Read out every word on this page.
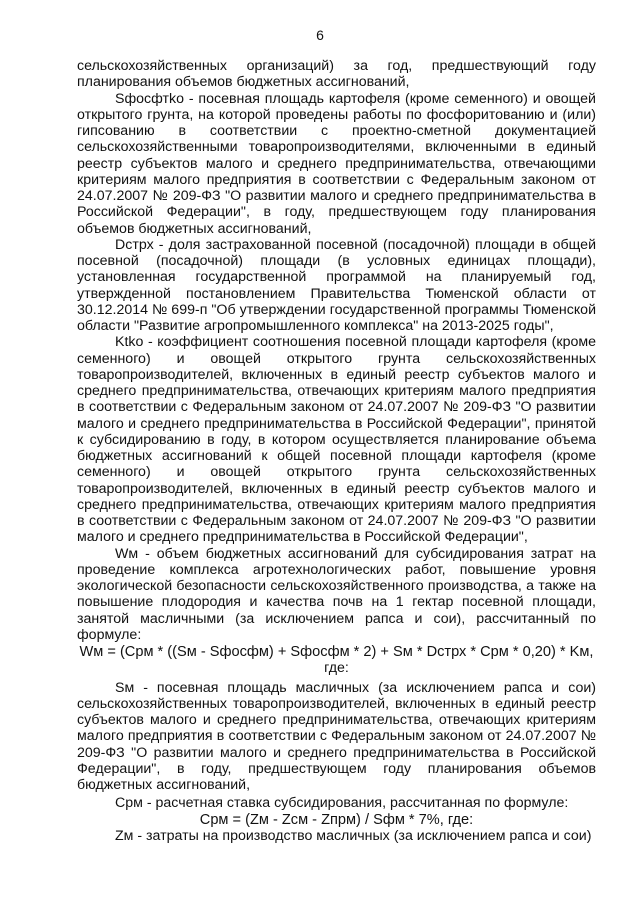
6

сельскохозяйственных организаций) за год, предшествующий году планирования объемов бюджетных ассигнований,

Sфосфтko - посевная площадь картофеля (кроме семенного) и овощей открытого грунта, на которой проведены работы по фосфоритованию и (или) гипсованию в соответствии с проектно-сметной документацией сельскохозяйственными товаропроизводителями, включенными в единый реестр субъектов малого и среднего предпринимательства, отвечающими критериям малого предприятия в соответствии с Федеральным законом от 24.07.2007 № 209-ФЗ "О развитии малого и среднего предпринимательства в Российской Федерации", в году, предшествующем году планирования объемов бюджетных ассигнований,

Dстрх - доля застрахованной посевной (посадочной) площади в общей посевной (посадочной) площади (в условных единицах площади), установленная государственной программой на планируемый год, утвержденной постановлением Правительства Тюменской области от 30.12.2014 № 699-п "Об утверждении государственной программы Тюменской области "Развитие агропромышленного комплекса" на 2013-2025 годы",

Ktko - коэффициент соотношения посевной площади картофеля (кроме семенного) и овощей открытого грунта сельскохозяйственных товаропроизводителей, включенных в единый реестр субъектов малого и среднего предпринимательства, отвечающих критериям малого предприятия в соответствии с Федеральным законом от 24.07.2007 № 209-ФЗ "О развитии малого и среднего предпринимательства в Российской Федерации", принятой к субсидированию в году, в котором осуществляется планирование объема бюджетных ассигнований к общей посевной площади картофеля (кроме семенного) и овощей открытого грунта сельскохозяйственных товаропроизводителей, включенных в единый реестр субъектов малого и среднего предпринимательства, отвечающих критериям малого предприятия в соответствии с Федеральным законом от 24.07.2007 № 209-ФЗ "О развитии малого и среднего предпринимательства в Российской Федерации",

Wм - объем бюджетных ассигнований для субсидирования затрат на проведение комплекса агротехнологических работ, повышение уровня экологической безопасности сельскохозяйственного производства, а также на повышение плодородия и качества почв на 1 гектар посевной площади, занятой масличными (за исключением рапса и сои), рассчитанный по формуле:

Wм = (Срм * ((Sм - Sфосфм) + Sфосфм * 2) + Sм * Dстрх * Срм * 0,20) * Kм,

где:

Sм - посевная площадь масличных (за исключением рапса и сои) сельскохозяйственных товаропроизводителей, включенных в единый реестр субъектов малого и среднего предпринимательства, отвечающих критериям малого предприятия в соответствии с Федеральным законом от 24.07.2007 № 209-ФЗ "О развитии малого и среднего предпринимательства в Российской Федерации", в году, предшествующем году планирования объемов бюджетных ассигнований,

Срм - расчетная ставка субсидирования, рассчитанная по формуле:

Срм = (Zм - Zсм - Zпрм) / Sфм * 7%, где:

Zм - затраты на производство масличных (за исключением рапса и сои)
